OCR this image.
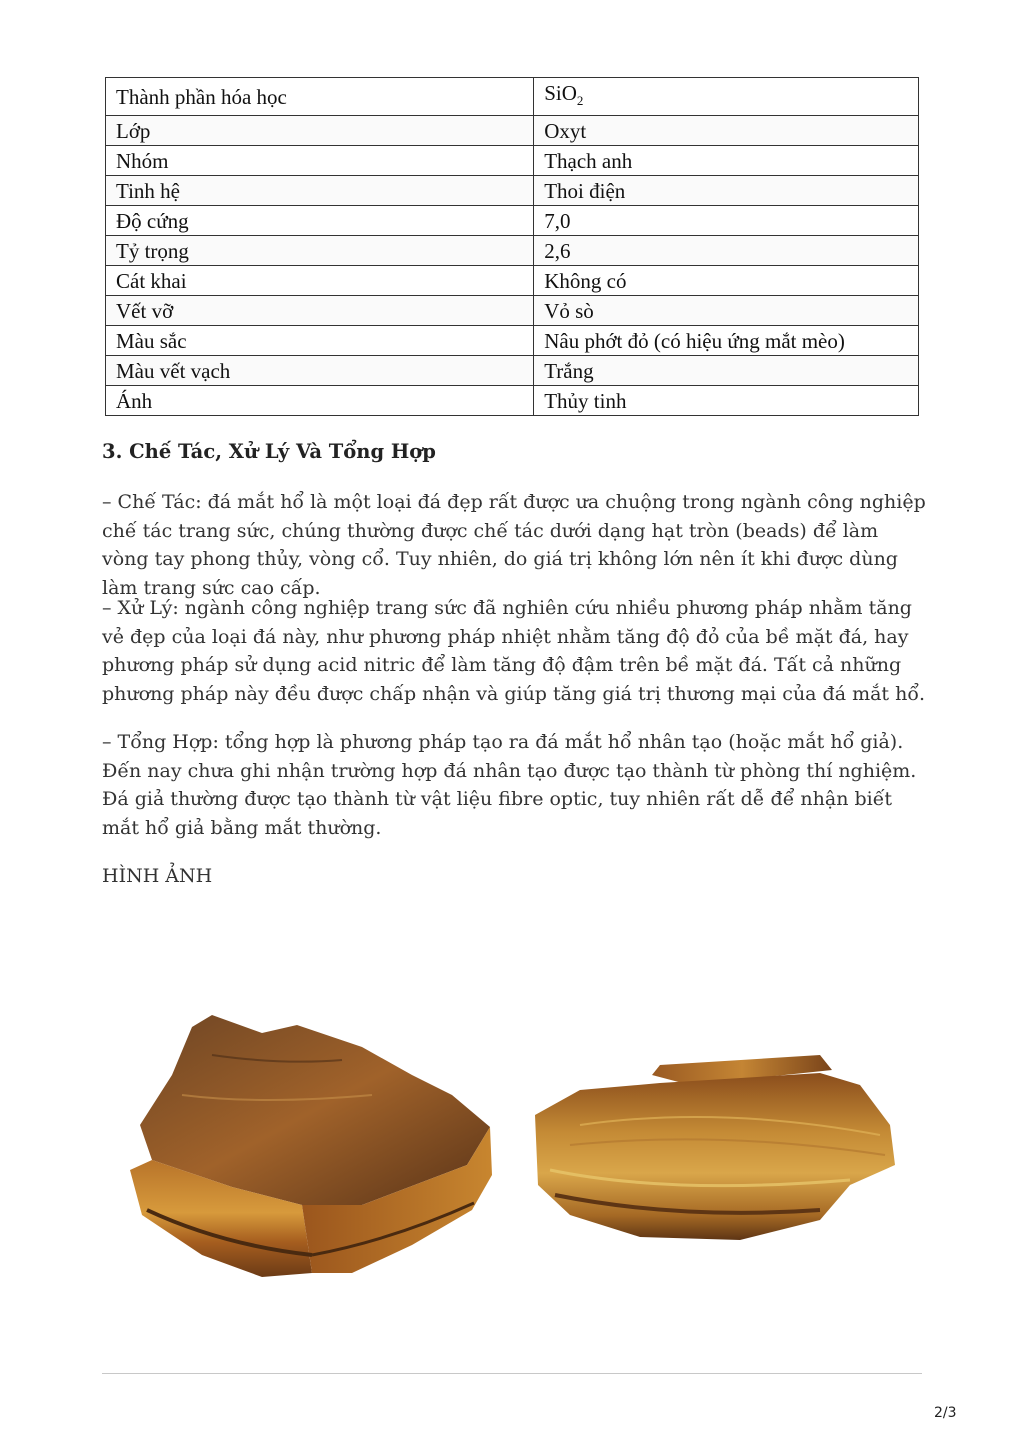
Thành phần hóa học	SiO$_2$
Lớp	Oxyt
Nhóm	Thạch anh
Tinh hệ	Thoi điện
Độ cứng	7,0
Tỷ trọng	2,6
Cát khai	Không có
Vết vỡ	Vỏ sò
Màu sắc	Nâu phớt đỏ (có hiệu ứng mắt mèo)
Màu vết vạch	Trắng
Ánh	Thủy tinh
3. Chế Tác, Xử Lý Và Tổng Hợp

– Chế Tác: đá mắt hổ là một loại đá đẹp rất được ưa chuộng trong ngành công nghiệp chế tác trang sức, chúng thường được chế tác dưới dạng hạt tròn (beads) để làm vòng tay phong thủy, vòng cổ. Tuy nhiên, do giá trị không lớn nên ít khi được dùng làm trang sức cao cấp.

– Xử Lý: ngành công nghiệp trang sức đã nghiên cứu nhiều phương pháp nhằm tăng vẻ đẹp của loại đá này, như phương pháp nhiệt nhằm tăng độ đỏ của bề mặt đá, hay phương pháp sử dụng acid nitric để làm tăng độ đậm trên bề mặt đá. Tất cả những phương pháp này đều được chấp nhận và giúp tăng giá trị thương mại của đá mắt hổ.

– Tổng Hợp: tổng hợp là phương pháp tạo ra đá mắt hổ nhân tạo (hoặc mắt hổ giả). Đến nay chưa ghi nhận trường hợp đá nhân tạo được tạo thành từ phòng thí nghiệm. Đá giả thường được tạo thành từ vật liệu fibre optic, tuy nhiên rất dễ để nhận biết mắt hổ giả bằng mắt thường.

HÌNH ẢNH

2/3
